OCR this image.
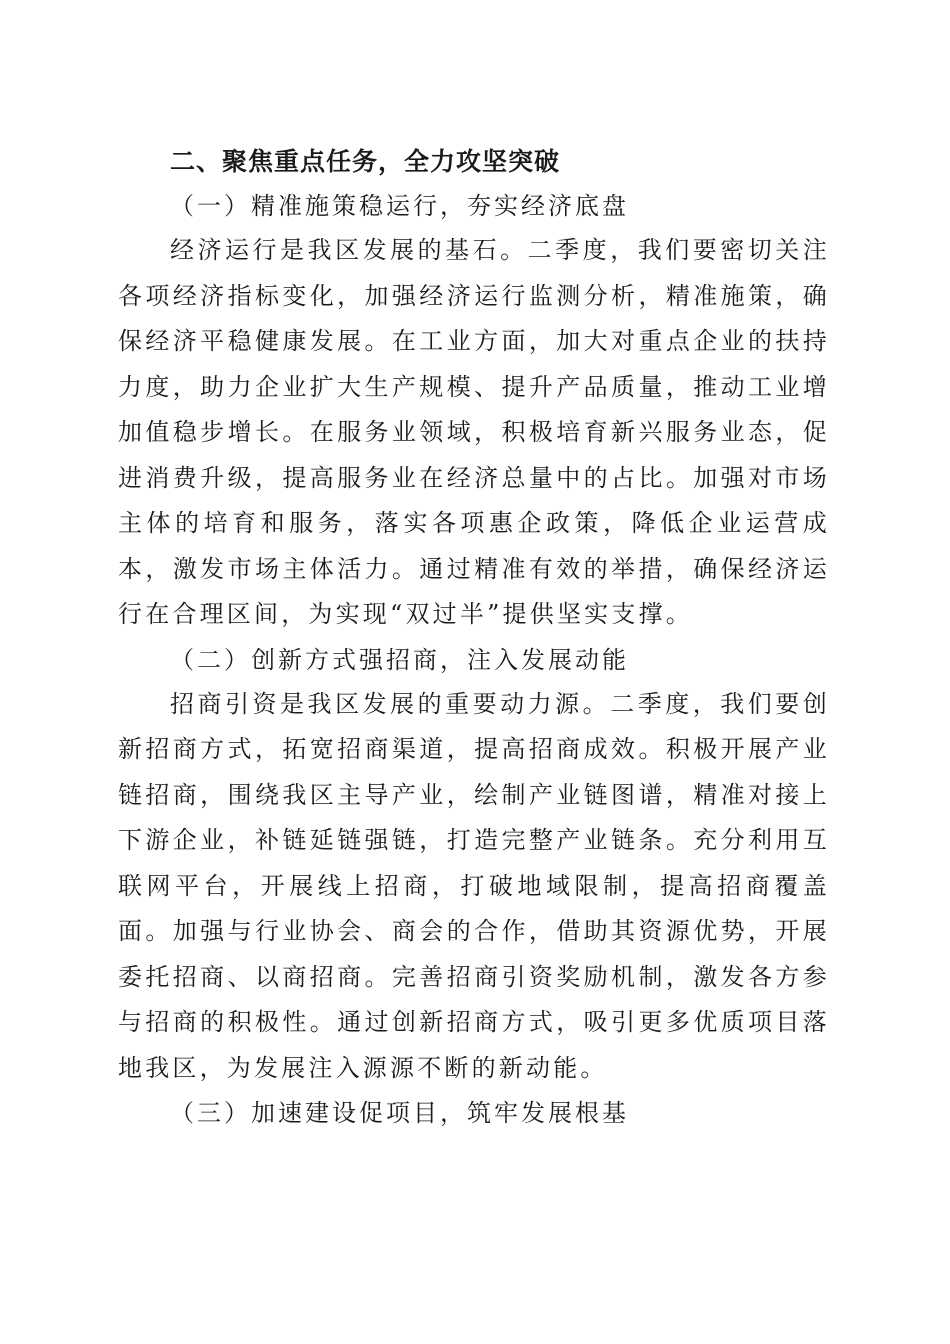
二、聚焦重点任务，全力攻坚突破
（一）精准施策稳运行，夯实经济底盘

经济运行是我区发展的基石。二季度，我们要密切关注各项经济指标变化，加强经济运行监测分析，精准施策，确保经济平稳健康发展。在工业方面，加大对重点企业的扶持力度，助力企业扩大生产规模、提升产品质量，推动工业增加值稳步增长。在服务业领域，积极培育新兴服务业态，促进消费升级，提高服务业在经济总量中的占比。加强对市场主体的培育和服务，落实各项惠企政策，降低企业运营成本，激发市场主体活力。通过精准有效的举措，确保经济运行在合理区间，为实现“双过半”提供坚实支撑。

（二）创新方式强招商，注入发展动能

招商引资是我区发展的重要动力源。二季度，我们要创新招商方式，拓宽招商渠道，提高招商成效。积极开展产业链招商，围绕我区主导产业，绘制产业链图谱，精准对接上下游企业，补链延链强链，打造完整产业链条。充分利用互联网平台，开展线上招商，打破地域限制，提高招商覆盖面。加强与行业协会、商会的合作，借助其资源优势，开展委托招商、以商招商。完善招商引资奖励机制，激发各方参与招商的积极性。通过创新招商方式，吸引更多优质项目落地我区，为发展注入源源不断的新动能。

（三）加速建设促项目，筑牢发展根基
